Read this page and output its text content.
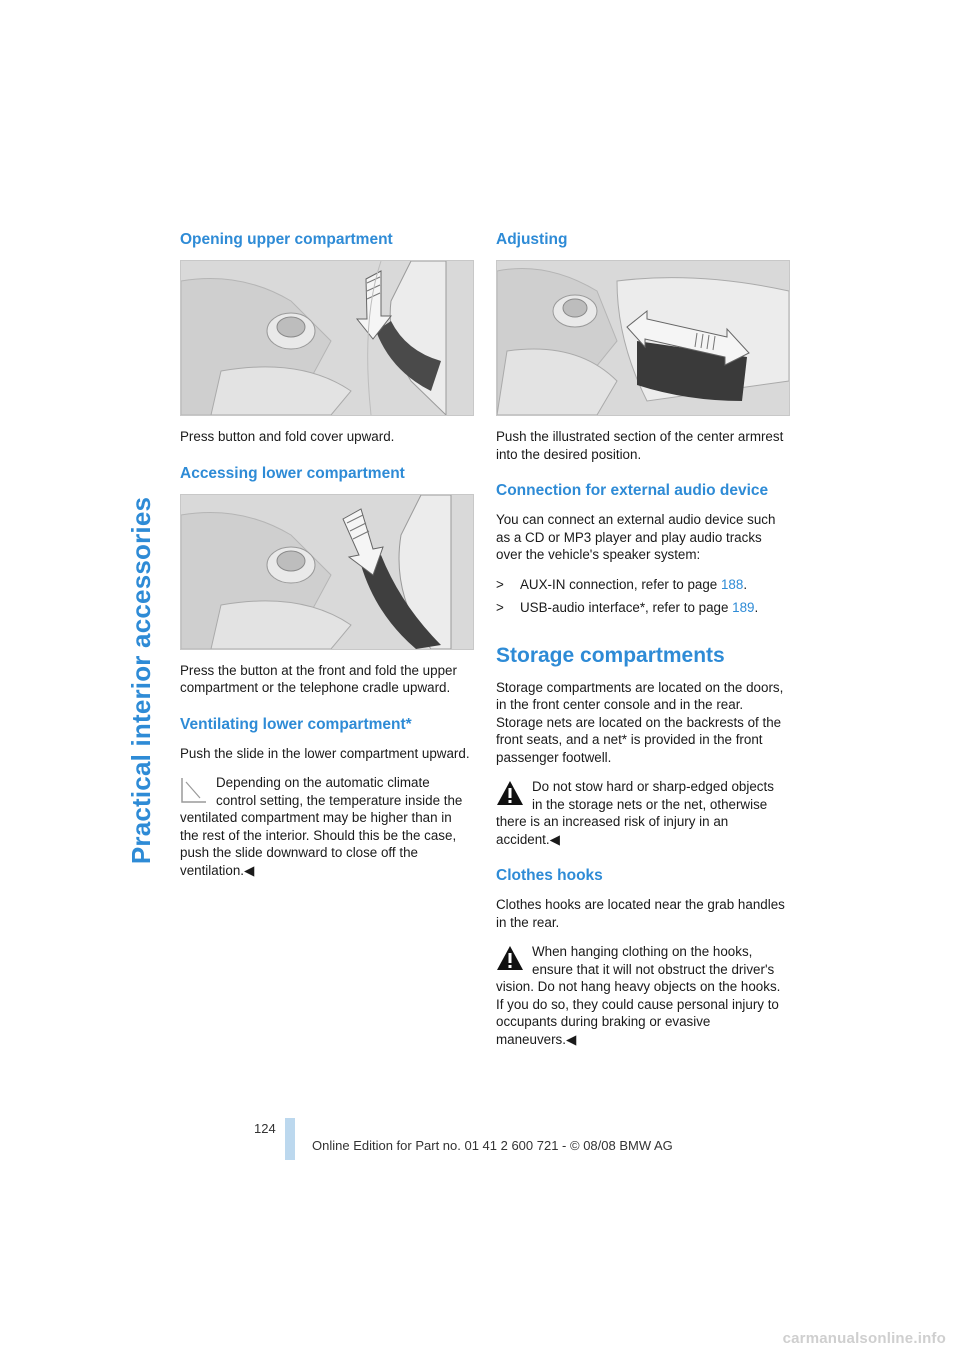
Practical interior accessories
Opening upper compartment

Press button and fold cover upward.

Accessing lower compartment

Press the button at the front and fold the upper compartment or the telephone cradle upward.

Ventilating lower compartment*

Push the slide in the lower compartment upward.

Depending on the automatic climate control setting, the temperature inside the ventilated compartment may be higher than in the rest of the interior. Should this be the case, push the slide downward to close off the ventilation.◀
Adjusting

Push the illustrated section of the center armrest into the desired position.

Connection for external audio device

You can connect an external audio device such as a CD or MP3 player and play audio tracks over the vehicle's speaker system:

>	AUX-IN connection, refer to page 188.
>	USB-audio interface*, refer to page 189.
Storage compartments

Storage compartments are located on the doors, in the front center console and in the rear.

Storage nets are located on the backrests of the front seats, and a net* is provided in the front passenger footwell.

Do not stow hard or sharp-edged objects in the storage nets or the net, otherwise there is an increased risk of injury in an accident.◀
Clothes hooks

Clothes hooks are located near the grab handles in the rear.

When hanging clothing on the hooks, ensure that it will not obstruct the driver's vision. Do not hang heavy objects on the hooks. If you do so, they could cause personal injury to occupants during braking or evasive maneuvers.◀
124
Online Edition for Part no. 01 41 2 600 721 - © 08/08 BMW AG
carmanualsonline.info
